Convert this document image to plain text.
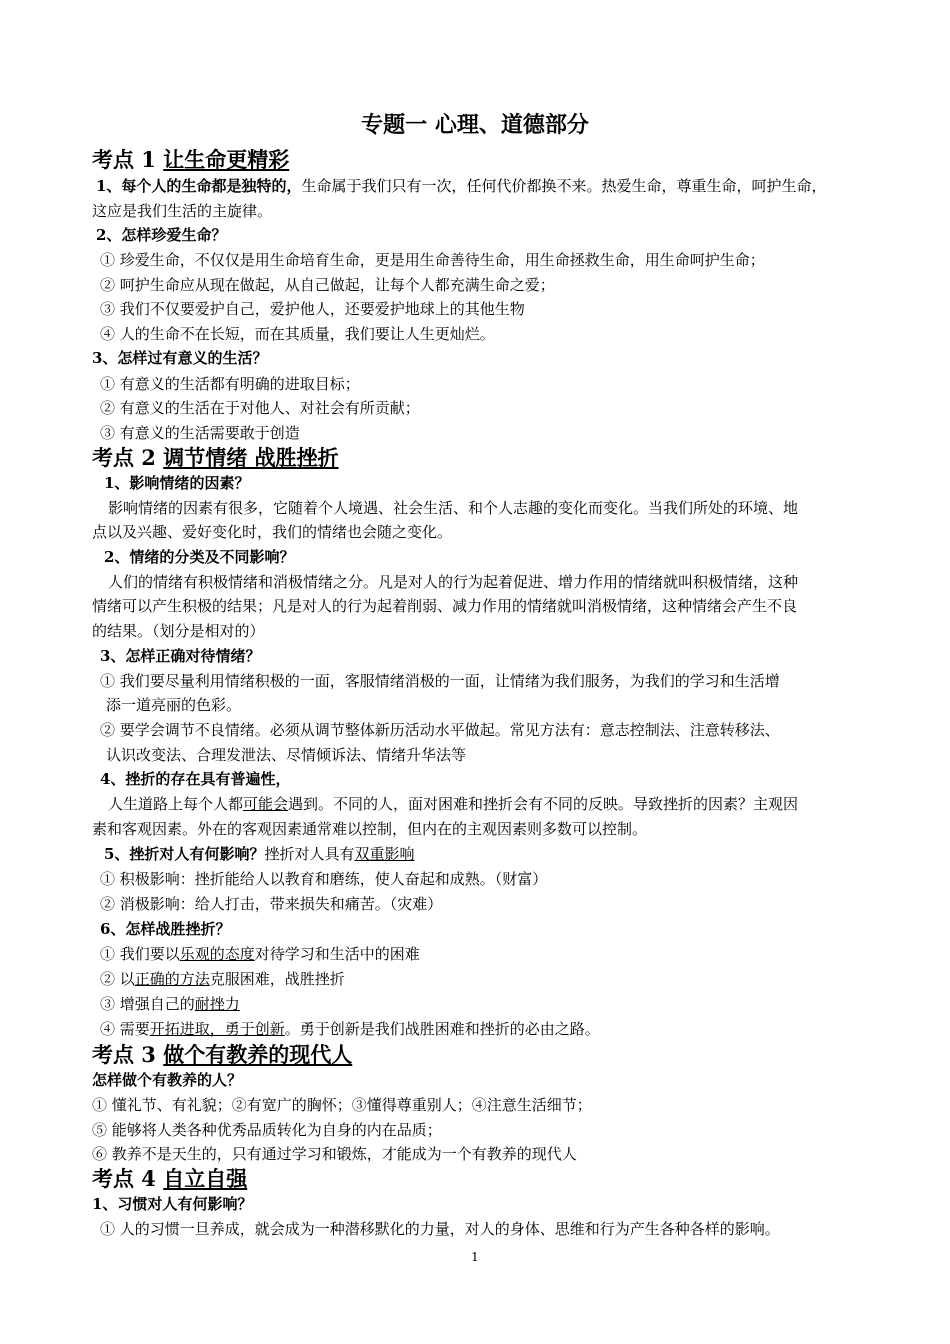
专题一 心理、道德部分
考点 1 让生命更精彩
1、每个人的生命都是独特的，生命属于我们只有一次，任何代价都换不来。热爱生命，尊重生命，呵护生命，
这应是我们生活的主旋律。
2、怎样珍爱生命？
① 珍爱生命，不仅仅是用生命培育生命，更是用生命善待生命，用生命拯救生命，用生命呵护生命；
② 呵护生命应从现在做起，从自己做起，让每个人都充满生命之爱；
③ 我们不仅要爱护自己，爱护他人，还要爱护地球上的其他生物
④ 人的生命不在长短，而在其质量，我们要让人生更灿烂。
3、怎样过有意义的生活？
① 有意义的生活都有明确的进取目标；
② 有意义的生活在于对他人、对社会有所贡献；
③ 有意义的生活需要敢于创造
考点 2 调节情绪 战胜挫折
1、影响情绪的因素？
影响情绪的因素有很多，它随着个人境遇、社会生活、和个人志趣的变化而变化。当我们所处的环境、地
点以及兴趣、爱好变化时，我们的情绪也会随之变化。
2、情绪的分类及不同影响？
人们的情绪有积极情绪和消极情绪之分。凡是对人的行为起着促进、增力作用的情绪就叫积极情绪，这种
情绪可以产生积极的结果；凡是对人的行为起着削弱、减力作用的情绪就叫消极情绪，这种情绪会产生不良
的结果。（划分是相对的）
3、怎样正确对待情绪？
① 我们要尽量利用情绪积极的一面，客服情绪消极的一面，让情绪为我们服务，为我们的学习和生活增
添一道亮丽的色彩。
② 要学会调节不良情绪。必须从调节整体新历活动水平做起。常见方法有：意志控制法、注意转移法、
认识改变法、合理发泄法、尽情倾诉法、情绪升华法等
4、挫折的存在具有普遍性，
人生道路上每个人都可能会遇到。不同的人，面对困难和挫折会有不同的反映。导致挫折的因素？主观因
素和客观因素。外在的客观因素通常难以控制，但内在的主观因素则多数可以控制。
5、挫折对人有何影响？挫折对人具有双重影响
① 积极影响：挫折能给人以教育和磨练，使人奋起和成熟。（财富）
② 消极影响：给人打击，带来损失和痛苦。（灾难）
6、怎样战胜挫折？
① 我们要以乐观的态度对待学习和生活中的困难
② 以正确的方法克服困难，战胜挫折
③ 增强自己的耐挫力
④ 需要开拓进取，勇于创新。勇于创新是我们战胜困难和挫折的必由之路。
考点 3 做个有教养的现代人
怎样做个有教养的人？
① 懂礼节、有礼貌；②有宽广的胸怀；③懂得尊重别人；④注意生活细节；
⑤ 能够将人类各种优秀品质转化为自身的内在品质；
⑥ 教养不是天生的，只有通过学习和锻炼，才能成为一个有教养的现代人
考点 4 自立自强
1、习惯对人有何影响？
① 人的习惯一旦养成，就会成为一种潜移默化的力量，对人的身体、思维和行为产生各种各样的影响。
1
